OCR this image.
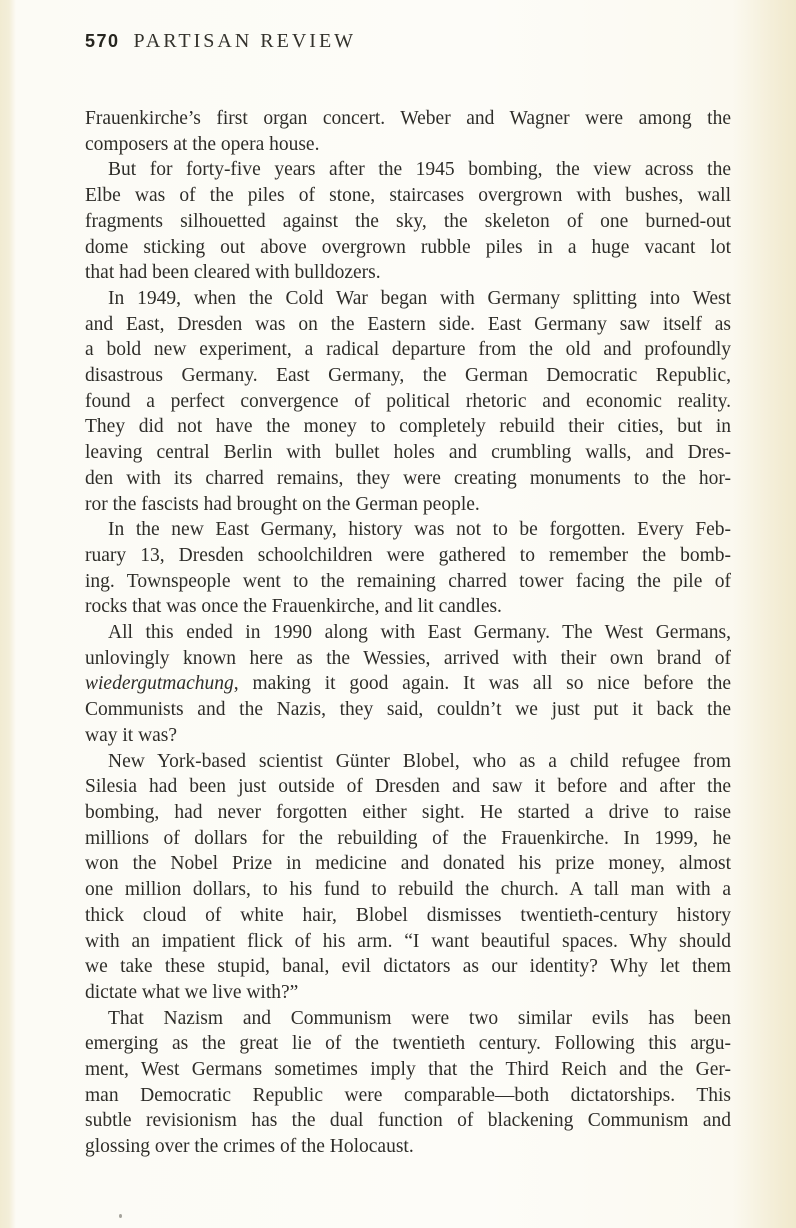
570 PARTISAN REVIEW
Frauenkirche’s first organ concert. Weber and Wagner were among the
composers at the opera house.
But for forty-five years after the 1945 bombing, the view across the
Elbe was of the piles of stone, staircases overgrown with bushes, wall
fragments silhouetted against the sky, the skeleton of one burned-out
dome sticking out above overgrown rubble piles in a huge vacant lot
that had been cleared with bulldozers.
In 1949, when the Cold War began with Germany splitting into West
and East, Dresden was on the Eastern side. East Germany saw itself as
a bold new experiment, a radical departure from the old and profoundly
disastrous Germany. East Germany, the German Democratic Republic,
found a perfect convergence of political rhetoric and economic reality.
They did not have the money to completely rebuild their cities, but in
leaving central Berlin with bullet holes and crumbling walls, and Dres-
den with its charred remains, they were creating monuments to the hor-
ror the fascists had brought on the German people.
In the new East Germany, history was not to be forgotten. Every Feb-
ruary 13, Dresden schoolchildren were gathered to remember the bomb-
ing. Townspeople went to the remaining charred tower facing the pile of
rocks that was once the Frauenkirche, and lit candles.
All this ended in 1990 along with East Germany. The West Germans,
unlovingly known here as the Wessies, arrived with their own brand of
wiedergutmachung, making it good again. It was all so nice before the
Communists and the Nazis, they said, couldn’t we just put it back the
way it was?
New York-based scientist Günter Blobel, who as a child refugee from
Silesia had been just outside of Dresden and saw it before and after the
bombing, had never forgotten either sight. He started a drive to raise
millions of dollars for the rebuilding of the Frauenkirche. In 1999, he
won the Nobel Prize in medicine and donated his prize money, almost
one million dollars, to his fund to rebuild the church. A tall man with a
thick cloud of white hair, Blobel dismisses twentieth-century history
with an impatient flick of his arm. “I want beautiful spaces. Why should
we take these stupid, banal, evil dictators as our identity? Why let them
dictate what we live with?”
That Nazism and Communism were two similar evils has been
emerging as the great lie of the twentieth century. Following this argu-
ment, West Germans sometimes imply that the Third Reich and the Ger-
man Democratic Republic were comparable—both dictatorships. This
subtle revisionism has the dual function of blackening Communism and
glossing over the crimes of the Holocaust.
